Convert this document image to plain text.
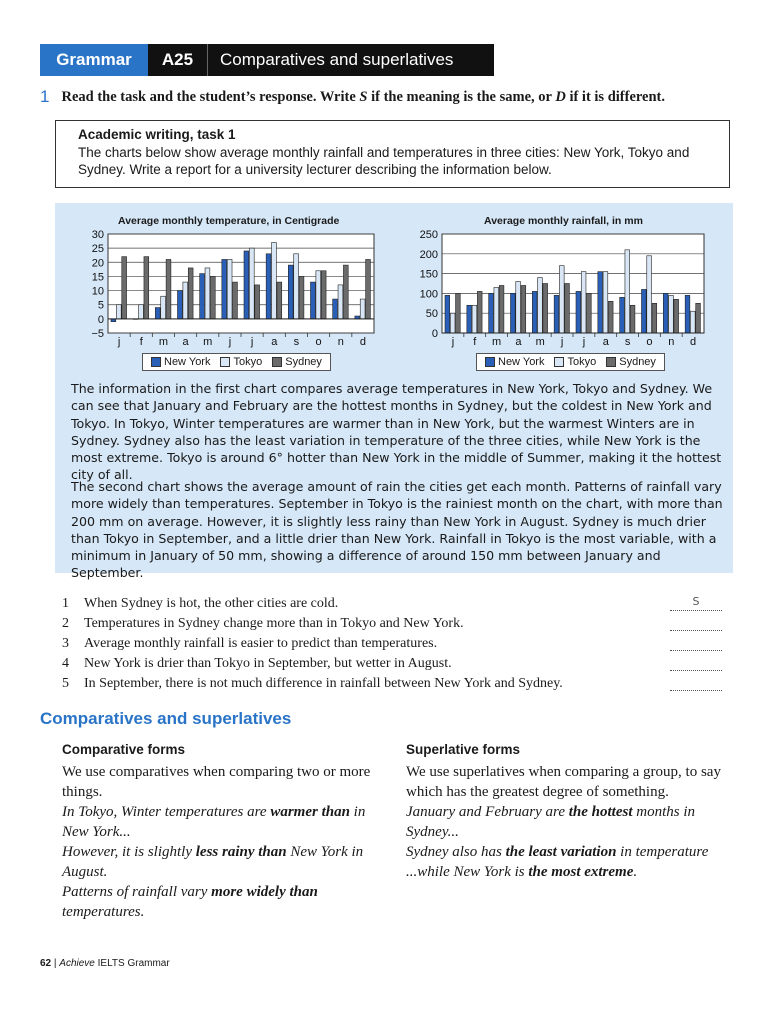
Grammar	A25	Comparatives and superlatives
1 Read the task and the student’s response. Write S if the meaning is the same, or D if it is different.
Academic writing, task 1
The charts below show average monthly rainfall and temperatures in three cities: New York, Tokyo and Sydney. Write a report for a university lecturer describing the information below.
Average monthly temperature, in Centigrade
30
25
20
15
10
5
0
−5
j f m a m j j a s o n d
New York Tokyo Sydney
Average monthly rainfall, in mm
250
200
150
100
50
0
j f m a m j j a s o n d
New York Tokyo Sydney
The information in the first chart compares average temperatures in New York, Tokyo and Sydney. We can see that January and February are the hottest months in Sydney, but the coldest in New York and Tokyo. In Tokyo, Winter temperatures are warmer than in New York, but the warmest Winters are in Sydney. Sydney also has the least variation in temperature of the three cities, while New York is the most extreme. Tokyo is around 6° hotter than New York in the middle of Summer, making it the hottest city of all.
The second chart shows the average amount of rain the cities get each month. Patterns of rainfall vary more widely than temperatures. September in Tokyo is the rainiest month on the chart, with more than 200 mm on average. However, it is slightly less rainy than New York in August. Sydney is much drier than Tokyo in September, and a little drier than New York. Rainfall in Tokyo is the most variable, with a minimum in January of 50 mm, showing a difference of around 150 mm between January and September.
1	When Sydney is hot, the other cities are cold.	S
2	Temperatures in Sydney change more than in Tokyo and New York.
3	Average monthly rainfall is easier to predict than temperatures.
4	New York is drier than Tokyo in September, but wetter in August.
5	In September, there is not much difference in rainfall between New York and Sydney.
Comparatives and superlatives
Comparative forms

We use comparatives when comparing two or more things.

In Tokyo, Winter temperatures are warmer than in New York...

However, it is slightly less rainy than New York in August.

Patterns of rainfall vary more widely than temperatures.

Superlative forms

We use superlatives when comparing a group, to say which has the greatest degree of something.

January and February are the hottest months in Sydney...

Sydney also has the least variation in temperature

...while New York is the most extreme.

62 | Achieve IELTS Grammar
